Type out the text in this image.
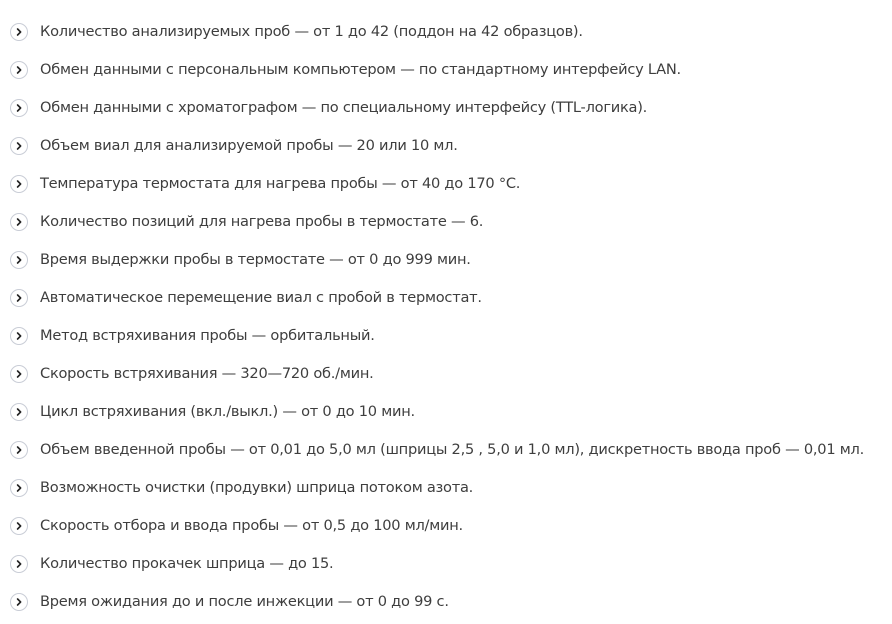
Количество анализируемых проб — от 1 до 42 (поддон на 42 образцов).
Обмен данными с персональным компьютером — по стандартному интерфейсу LAN.
Обмен данными с хроматографом — по специальному интерфейсу (TTL-логика).
Объем виал для анализируемой пробы — 20 или 10 мл.
Температура термостата для нагрева пробы — от 40 до 170 °С.
Количество позиций для нагрева пробы в термостате — 6.
Время выдержки пробы в термостате — от 0 до 999 мин.
Автоматическое перемещение виал с пробой в термостат.
Метод встряхивания пробы — орбитальный.
Скорость встряхивания — 320—720 об./мин.
Цикл встряхивания (вкл./выкл.) — от 0 до 10 мин.
Объем введенной пробы — от 0,01 до 5,0 мл (шприцы 2,5 , 5,0 и 1,0 мл), дискретность ввода проб — 0,01 мл.
Возможность очистки (продувки) шприца потоком азота.
Скорость отбора и ввода пробы — от 0,5 до 100 мл/мин.
Количество прокачек шприца — до 15.
Время ожидания до и после инжекции — от 0 до 99 с.
